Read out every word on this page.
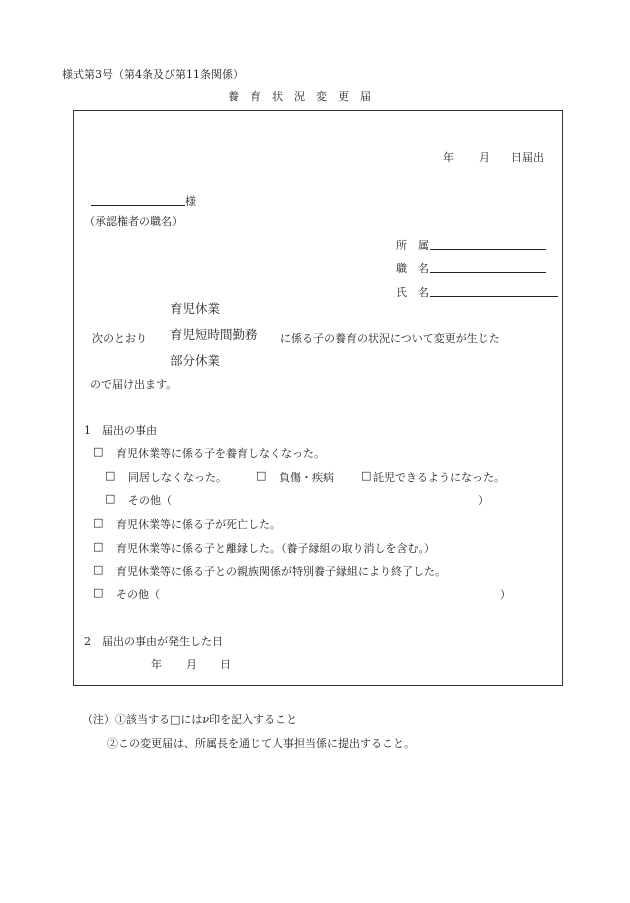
様式第3号（第4条及び第11条関係）
養　育　状　況　変　更　届
年 月 日届出
様
（承認権者の職名）
所　属
職　名
氏　名
育児休業
次のとおり 育児短時間勤務 に係る子の養育の状況について変更が生じた
部分休業
ので届け出ます。
1　届出の事由
□ 育児休業等に係る子を養育しなくなった。
□ 同居しなくなった。	□ 負傷・疾病 □ 託児できるようになった。
□ その他（	）
□ 育児休業等に係る子が死亡した。
□ 育児休業等に係る子と離縁した。（養子縁組の取り消しを含む。）
□ 育児休業等に係る子との親族関係が特別養子縁組により終了した。
□ その他（	）
2　届出の事由が発生した日
年 月 日
（注）①該当する□にはν印を記入すること
②この変更届は、所属長を通じて人事担当係に提出すること。
